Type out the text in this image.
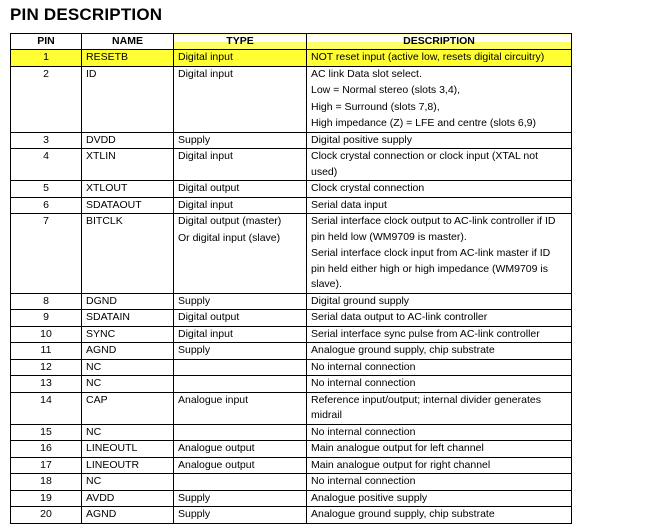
PIN DESCRIPTION
PIN	NAME	TYPE	DESCRIPTION
1	RESETB	Digital input	NOT reset input (active low, resets digital circuitry)

2	ID	Digital input	AC link Data slot select.
Low = Normal stereo (slots 3,4),
High = Surround (slots 7,8),
High impedance (Z) = LFE and centre (slots 6,9)

3	DVDD	Supply	Digital positive supply

4	XTLIN	Digital input	Clock crystal connection or clock input (XTAL not used)

5	XTLOUT	Digital output	Clock crystal connection

6	SDATAOUT	Digital input	Serial data input

7	BITCLK	Digital output (master)
Or digital input (slave)	Serial interface clock output to AC-link controller if ID pin held low (WM9709 is master).
Serial interface clock input from AC-link master if ID pin held either high or high impedance (WM9709 is slave).

8	DGND	Supply	Digital ground supply

9	SDATAIN	Digital output	Serial data output to AC-link controller

10	SYNC	Digital input	Serial interface sync pulse from AC-link controller

11	AGND	Supply	Analogue ground supply, chip substrate

12	NC		No internal connection

13	NC		No internal connection

14	CAP	Analogue input	Reference input/output; internal divider generates midrail

15	NC		No internal connection

16	LINEOUTL	Analogue output	Main analogue output for left channel

17	LINEOUTR	Analogue output	Main analogue output for right channel

18	NC		No internal connection

19	AVDD	Supply	Analogue positive supply

20	AGND	Supply	Analogue ground supply, chip substrate
